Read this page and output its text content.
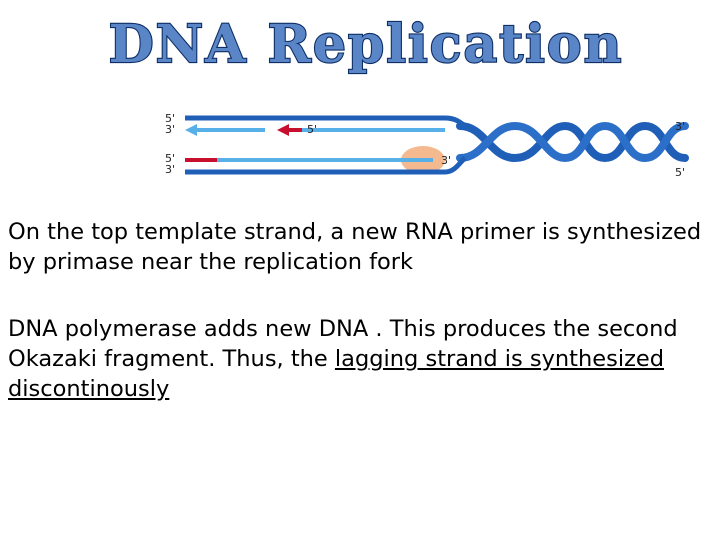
DNA Replication
5'
3'	5'
5'
3'
3'
3'
5'

On the top template strand, a new RNA primer is synthesized by primase near the replication fork

DNA polymerase adds new DNA . This produces the second Okazaki fragment. Thus, the lagging strand is synthesized discontinously
